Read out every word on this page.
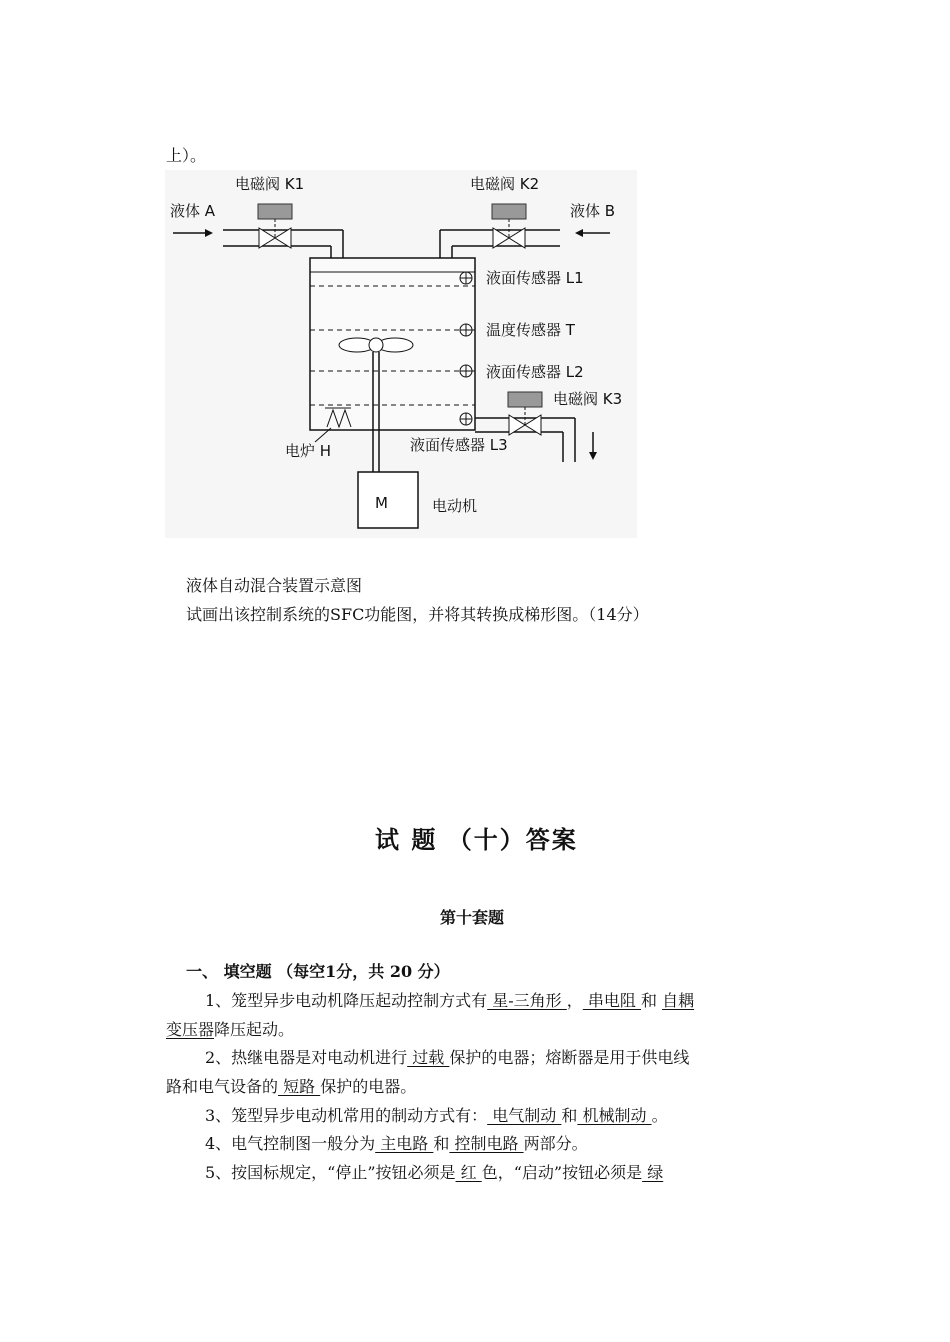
上）。
电磁阀 K1	电磁阀 K2
液体 A	液体 B
液面传感器 L1
温度传感器 T
液面传感器 L2
液面传感器 L3
电炉 H
电磁阀 K3
M	电动机
液体自动混合装置示意图
试画出该控制系统的SFC功能图，并将其转换成梯形图。（14分）
试 题 （十）答案
第十套题
一、 填空题 （每空1分，共 20 分）
1、笼型异步电动机降压起动控制方式有 星-三角形 ， 串电阻 和 自耦
变压器降压起动。
2、热继电器是对电动机进行 过载 保护的电器；熔断器是用于供电线
路和电气设备的 短路 保护的电器。
3、笼型异步电动机常用的制动方式有： 电气制动 和 机械制动 。
4、电气控制图一般分为 主电路 和 控制电路 两部分。
5、按国标规定，“停止”按钮必须是 红 色，“启动”按钮必须是 绿
